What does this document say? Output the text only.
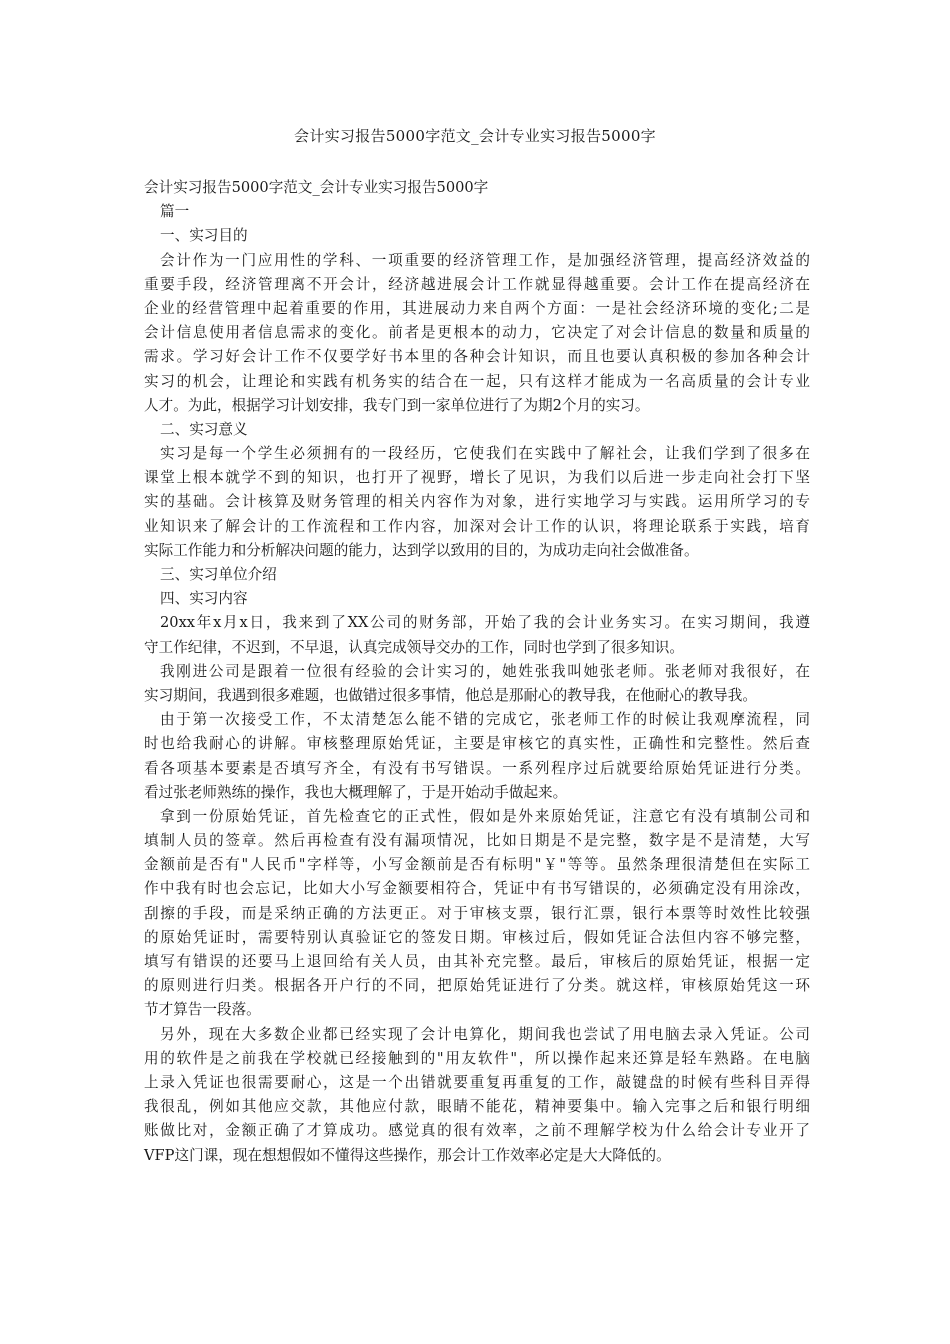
会计实习报告5000字范文_会计专业实习报告5000字
会计实习报告5000字范文_会计专业实习报告5000字
篇一
一、实习目的
会计作为一门应用性的学科、一项重要的经济管理工作，是加强经济管理，提高经济效益的
重要手段，经济管理离不开会计，经济越进展会计工作就显得越重要。会计工作在提高经济在
企业的经营管理中起着重要的作用，其进展动力来自两个方面：一是社会经济环境的变化;二是
会计信息使用者信息需求的变化。前者是更根本的动力，它决定了对会计信息的数量和质量的
需求。学习好会计工作不仅要学好书本里的各种会计知识，而且也要认真积极的参加各种会计
实习的机会，让理论和实践有机务实的结合在一起，只有这样才能成为一名高质量的会计专业
人才。为此，根据学习计划安排，我专门到一家单位进行了为期2个月的实习。
二、实习意义
实习是每一个学生必须拥有的一段经历，它使我们在实践中了解社会，让我们学到了很多在
课堂上根本就学不到的知识，也打开了视野，增长了见识，为我们以后进一步走向社会打下坚
实的基础。会计核算及财务管理的相关内容作为对象，进行实地学习与实践。运用所学习的专
业知识来了解会计的工作流程和工作内容，加深对会计工作的认识，将理论联系于实践，培育
实际工作能力和分析解决问题的能力，达到学以致用的目的，为成功走向社会做准备。
三、实习单位介绍
四、实习内容
20xx年x月x日，我来到了XX公司的财务部，开始了我的会计业务实习。在实习期间，我遵
守工作纪律，不迟到，不早退，认真完成领导交办的工作，同时也学到了很多知识。
我刚进公司是跟着一位很有经验的会计实习的，她姓张我叫她张老师。张老师对我很好，在
实习期间，我遇到很多难题，也做错过很多事情，他总是那耐心的教导我，在他耐心的教导我。
由于第一次接受工作，不太清楚怎么能不错的完成它，张老师工作的时候让我观摩流程，同
时也给我耐心的讲解。审核整理原始凭证，主要是审核它的真实性，正确性和完整性。然后查
看各项基本要素是否填写齐全，有没有书写错误。一系列程序过后就要给原始凭证进行分类。
看过张老师熟练的操作，我也大概理解了，于是开始动手做起来。
拿到一份原始凭证，首先检查它的正式性，假如是外来原始凭证，注意它有没有填制公司和
填制人员的签章。然后再检查有没有漏项情况，比如日期是不是完整，数字是不是清楚，大写
金额前是否有"人民币"字样等，小写金额前是否有标明"￥"等等。虽然条理很清楚但在实际工
作中我有时也会忘记，比如大小写金额要相符合，凭证中有书写错误的，必须确定没有用涂改，
刮擦的手段，而是采纳正确的方法更正。对于审核支票，银行汇票，银行本票等时效性比较强
的原始凭证时，需要特别认真验证它的签发日期。审核过后，假如凭证合法但内容不够完整，
填写有错误的还要马上退回给有关人员，由其补充完整。最后，审核后的原始凭证，根据一定
的原则进行归类。根据各开户行的不同，把原始凭证进行了分类。就这样，审核原始凭这一环
节才算告一段落。
另外，现在大多数企业都已经实现了会计电算化，期间我也尝试了用电脑去录入凭证。公司
用的软件是之前我在学校就已经接触到的"用友软件"，所以操作起来还算是轻车熟路。在电脑
上录入凭证也很需要耐心，这是一个出错就要重复再重复的工作，敲键盘的时候有些科目弄得
我很乱，例如其他应交款，其他应付款，眼睛不能花，精神要集中。输入完事之后和银行明细
账做比对，金额正确了才算成功。感觉真的很有效率，之前不理解学校为什么给会计专业开了
VFP这门课，现在想想假如不懂得这些操作，那会计工作效率必定是大大降低的。
